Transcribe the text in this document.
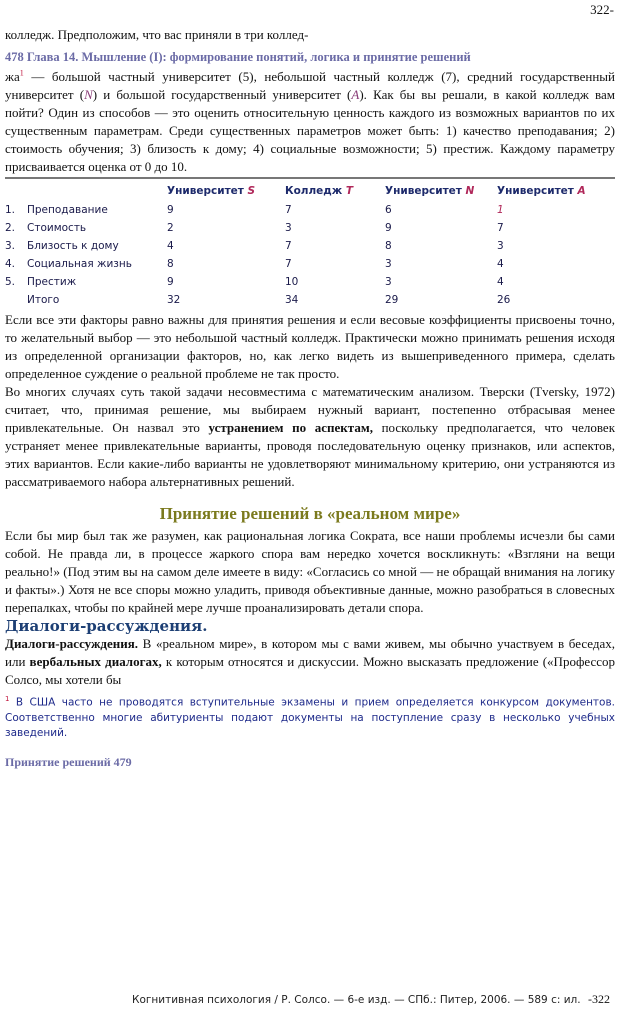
322-

колледж. Предположим, что вас приняли в три коллед-

478 Глава 14. Мышление (I): формирование понятий, логика и принятие решений

$жа^1$ — большой частный университет (5), небольшой частный колледж (7), средний государственный университет (N) и большой государственный университет (A). Как бы вы решали, в какой колледж вам пойти? Один из способов — это оценить относительную ценность каждого из возможных вариантов по их существенным параметрам. Среди существенных параметров может быть: 1) качество преподавания; 2) стоимость обучения; 3) близость к дому; 4) социальные возможности; 5) престиж. Каждому параметру присваивается оценка от 0 до 10.

		Университет S	Колледж T	Университет N	Университет A
1.	Преподавание	9	7	6	1
2.	Стоимость	2	3	9	7
3.	Близость к дому	4	7	8	3
4.	Социальная жизнь	8	7	3	4
5.	Престиж	9	10	3	4
	Итого	32	34	29	26

Если все эти факторы равно важны для принятия решения и если весовые коэффициенты присвоены точно, то желательный выбор — это небольшой частный колледж. Практически можно принимать решения исходя из определенной организации факторов, но, как легко видеть из вышеприведенного примера, сделать определенное суждение о реальной проблеме не так просто.

Во многих случаях суть такой задачи несовместима с математическим анализом. Тверски (Tversky, 1972) считает, что, принимая решение, мы выбираем нужный вариант, постепенно отбрасывая менее привлекательные. Он назвал это устранением по аспектам, поскольку предполагается, что человек устраняет менее привлекательные варианты, проводя последовательную оценку признаков, или аспектов, этих вариантов. Если какие-либо варианты не удовлетворяют минимальному критерию, они устраняются из рассматриваемого набора альтернативных решений.

Принятие решений в «реальном мире»

Если бы мир был так же разумен, как рациональная логика Сократа, все наши проблемы исчезли бы сами собой. Не правда ли, в процессе жаркого спора вам нередко хочется воскликнуть: «Взгляни на вещи реально!» (Под этим вы на самом деле имеете в виду: «Согласись со мной — не обращай внимания на логику и факты».) Хотя не все споры можно уладить, приводя объективные данные, можно разобраться в словесных перепалках, чтобы по крайней мере лучше проанализировать детали спора.

Диалоги-рассуждения.

Диалоги-рассуждения. В «реальном мире», в котором мы с вами живем, мы обычно участвуем в беседах, или вербальных диалогах, к которым относятся и дискуссии. Можно высказать предложение («Профессор Солсо, мы хотели бы

$^1$ В США часто не проводятся вступительные экзамены и прием определяется конкурсом документов. Соответственно многие абитуриенты подают документы на поступление сразу в несколько учебных заведений.
Принятие решений 479
Когнитивная психология / Р. Солсо. — 6-е изд. — СПб.: Питер, 2006. — 589 с: ил. -322
